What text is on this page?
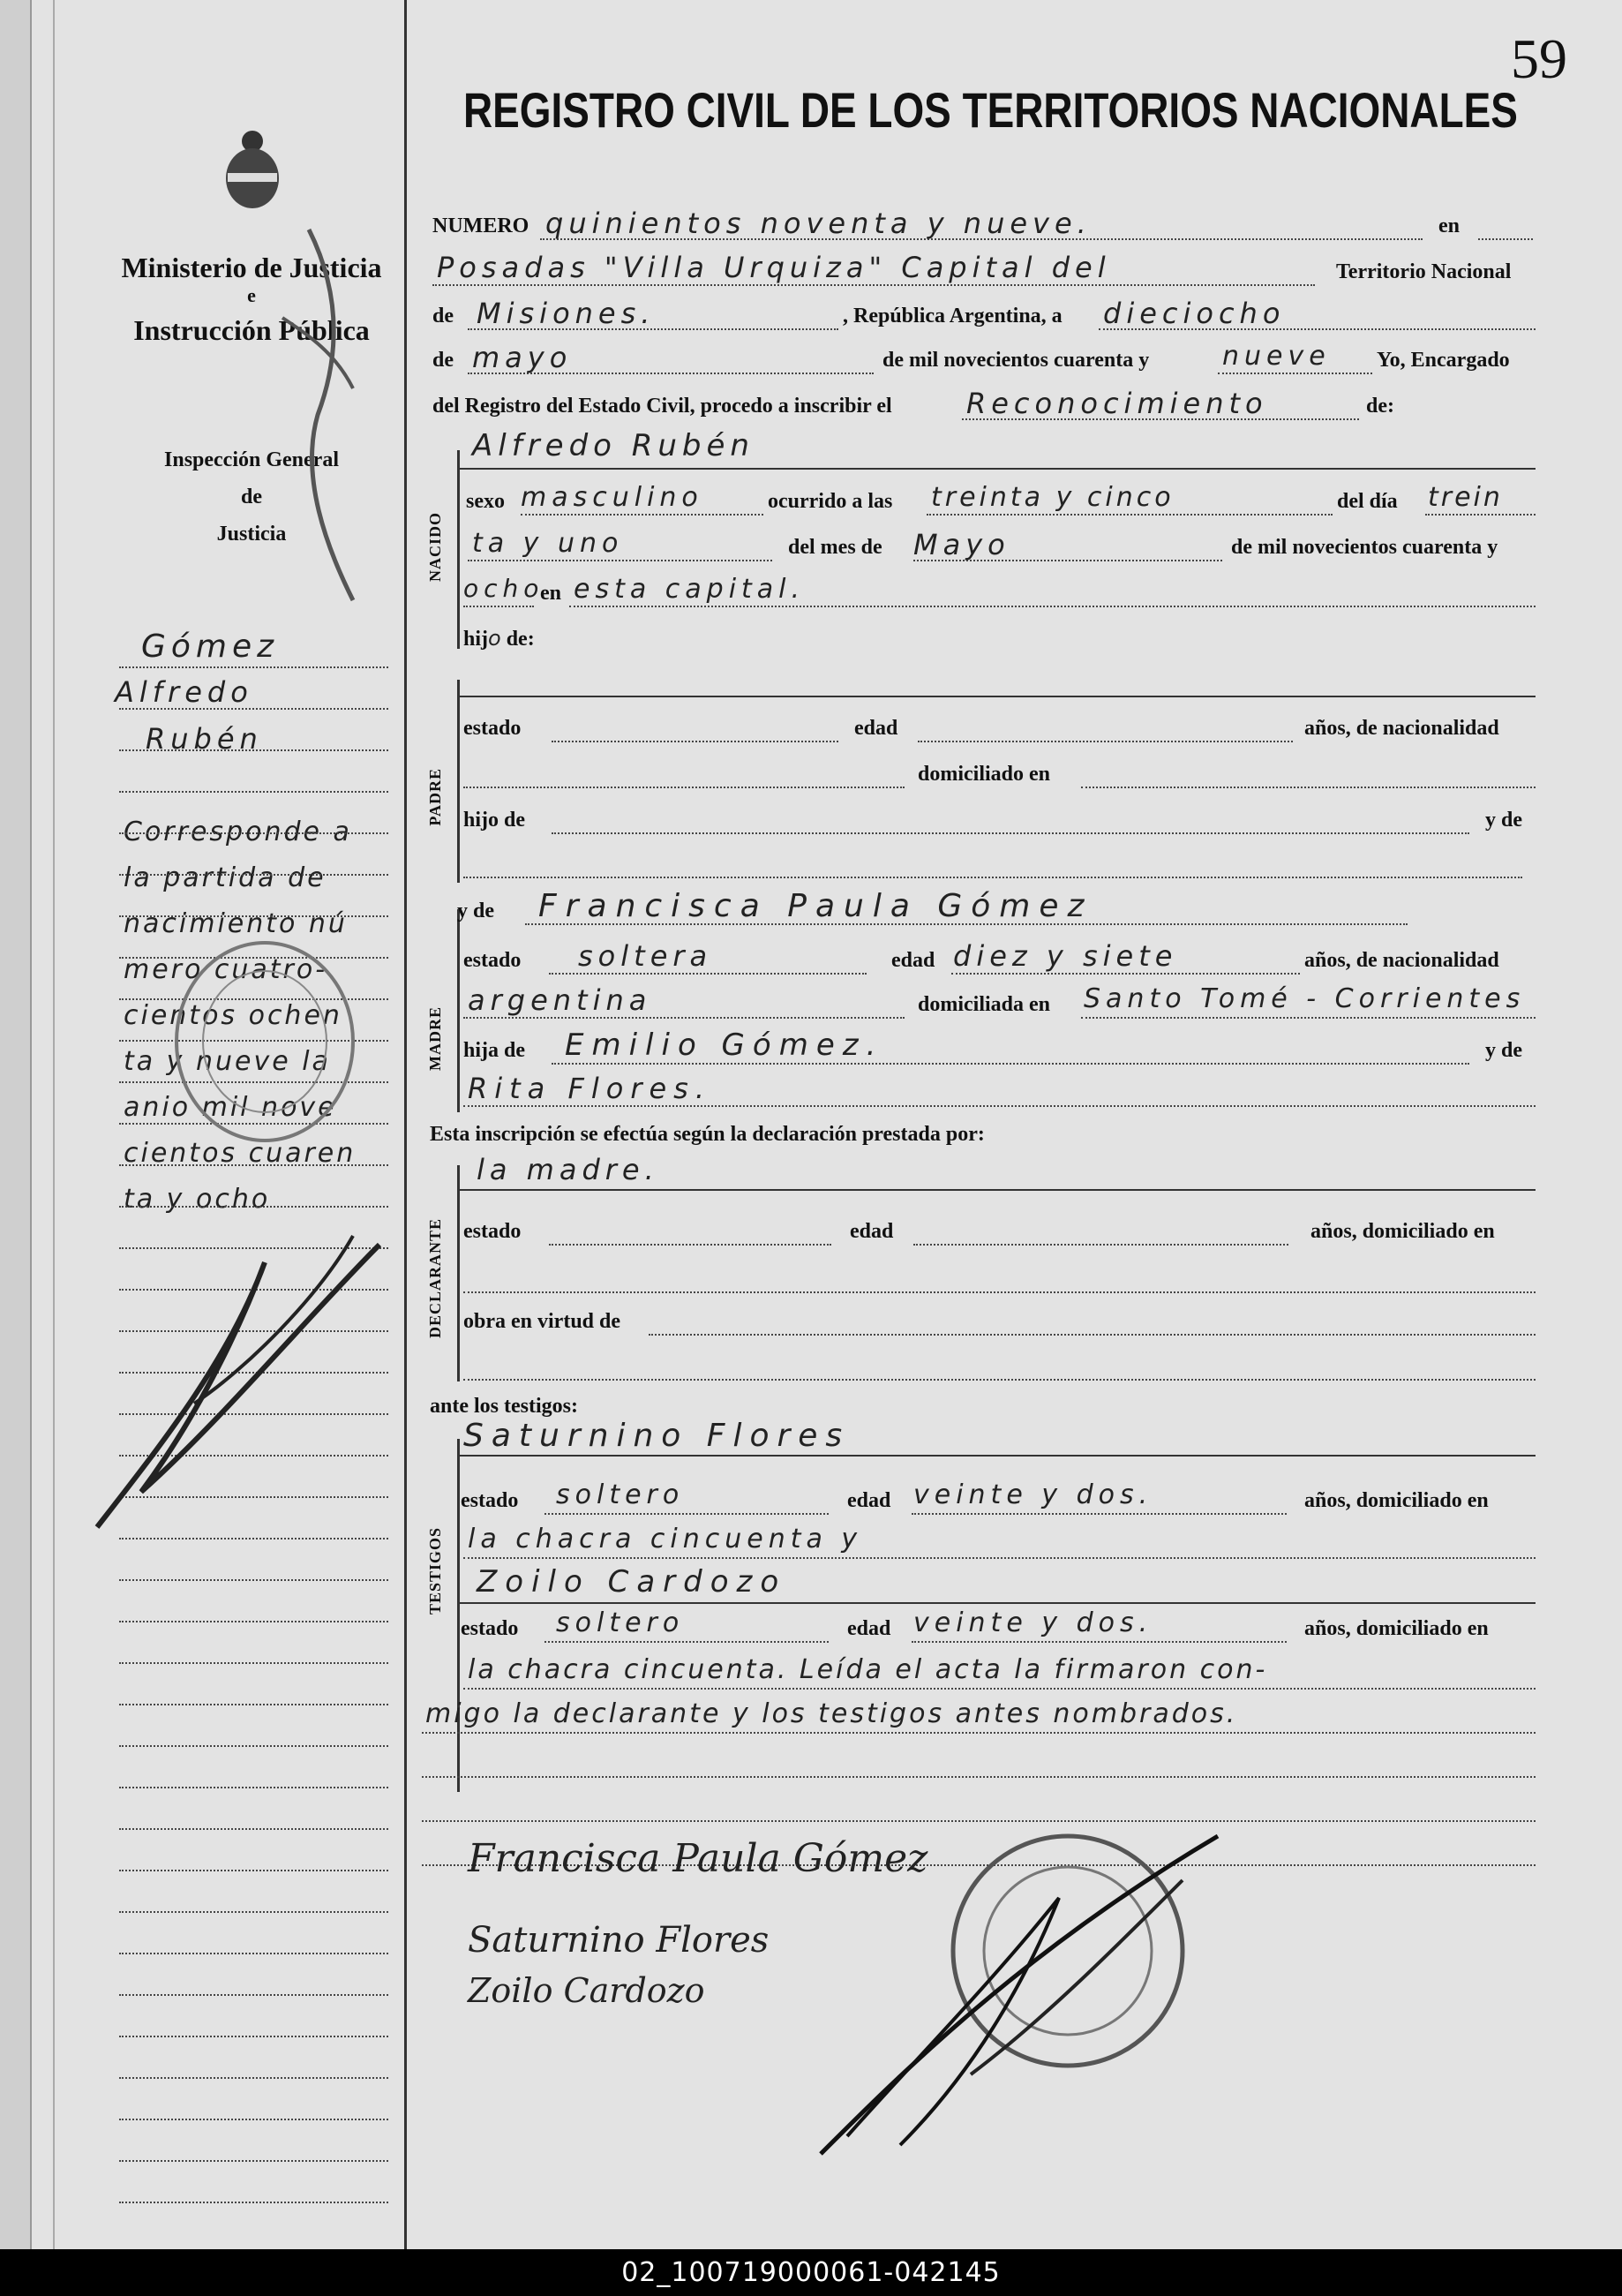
59
REGISTRO CIVIL DE LOS TERRITORIOS NACIONALES
Ministerio de Justicia
e
Instrucción Pública
Inspección General
de
Justicia
Gómez
Alfredo
Rubén
Corresponde a
la partida de
nacimiento nú
mero cuatro-
cientos ochen
ta y nueve la
anio mil nove
cientos cuaren
ta y ocho
NUMERO quinientos noventa y nueve.	en
Posadas "Villa Urquiza" Capital del	Territorio Nacional
de Misiones.	, República Argentina, a dieciocho
de mayo	de mil novecientos cuarenta y	nueve Yo, Encargado
del Registro del Estado Civil, procedo a inscribir el	Reconocimiento	de:
NACIDO
Alfredo Rubén
sexo masculino	ocurrido a las treinta y cinco	del día trein
ta y uno	del mes de Mayo	de mil novecientos cuarenta y
ocho
en esta capital.
hijo de:
PADRE
estado	edad	años, de nacionalidad
domiciliado en
hijo de	y de
MADRE
y de Francisca Paula Gómez
estado soltera	edad diez y siete	años, de nacionalidad
argentina	domiciliada en Santo Tomé - Corrientes
hija de Emilio Gómez.	y de
Rita Flores.
Esta inscripción se efectúa según la declaración prestada por:
DECLARANTE
la madre.
estado	edad	años, domiciliado en
obra en virtud de
ante los testigos:
TESTIGOS
Saturnino Flores
estado soltero	edad veinte y dos.	años, domiciliado en
la chacra cincuenta y
Zoilo Cardozo
estado soltero	edad veinte y dos.	años, domiciliado en
la chacra cincuenta. Leída el acta la firmaron con-
migo la declarante y los testigos antes nombrados.
Francisca Paula Gómez
Saturnino Flores
Zoilo Cardozo
02_100719000061-042145
